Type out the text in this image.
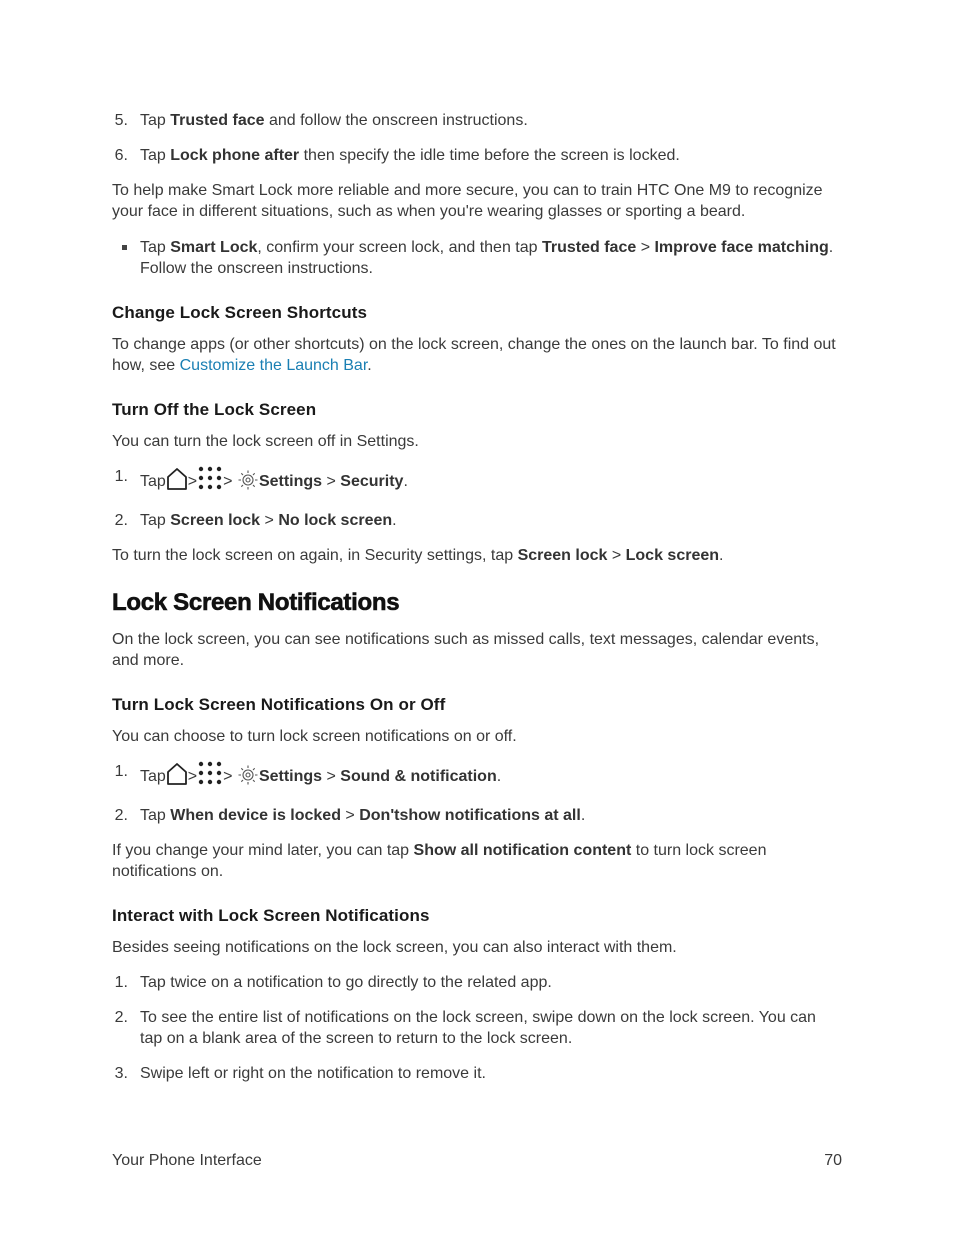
5. Tap Trusted face and follow the onscreen instructions.
6. Tap Lock phone after then specify the idle time before the screen is locked.

To help make Smart Lock more reliable and more secure, you can to train HTC One M9 to recognize your face in different situations, such as when you're wearing glasses or sporting a beard.

Tap Smart Lock, confirm your screen lock, and then tap Trusted face > Improve face matching. Follow the onscreen instructions.
Change Lock Screen Shortcuts

To change apps (or other shortcuts) on the lock screen, change the ones on the launch bar. To find out how, see Customize the Launch Bar.

Turn Off the Lock Screen

You can turn the lock screen off in Settings.

1. Tap > > Settings > Security.
2. Tap Screen lock > No lock screen.

To turn the lock screen on again, in Security settings, tap Screen lock > Lock screen.

Lock Screen Notifications

On the lock screen, you can see notifications such as missed calls, text messages, calendar events, and more.

Turn Lock Screen Notifications On or Off

You can choose to turn lock screen notifications on or off.

1. Tap > > Settings > Sound & notification.
2. Tap When device is locked > Don'tshow notifications at all.

If you change your mind later, you can tap Show all notification content to turn lock screen notifications on.

Interact with Lock Screen Notifications

Besides seeing notifications on the lock screen, you can also interact with them.

1. Tap twice on a notification to go directly to the related app.
2. To see the entire list of notifications on the lock screen, swipe down on the lock screen. You can tap on a blank area of the screen to return to the lock screen.
3. Swipe left or right on the notification to remove it.
Your Phone Interface	70
